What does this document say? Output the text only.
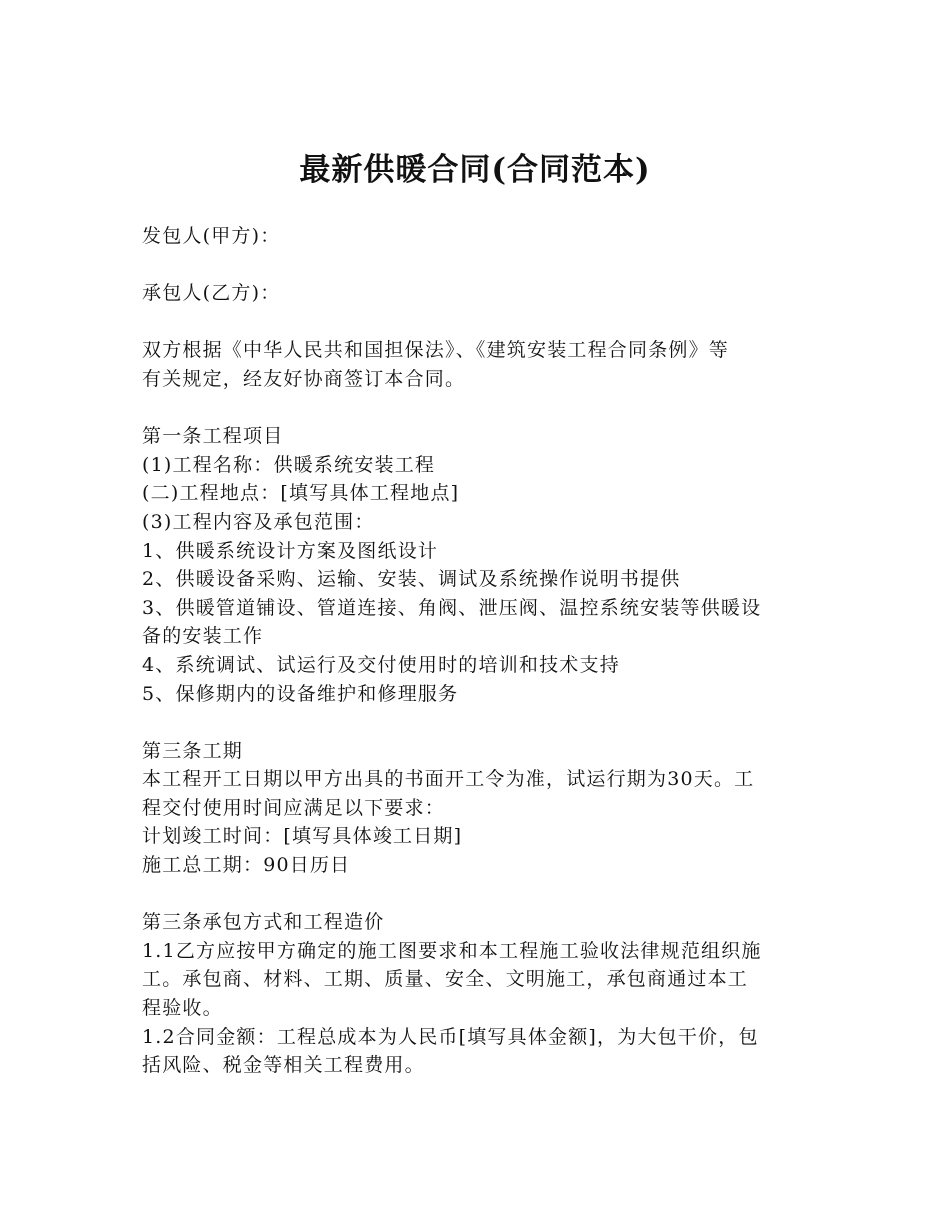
最新供暖合同(合同范本)
发包人(甲方)：
承包人(乙方)：
双方根据《中华人民共和国担保法》、《建筑安装工程合同条例》等
有关规定，经友好协商签订本合同。
第一条工程项目
(1)工程名称：供暖系统安装工程
(二)工程地点：[填写具体工程地点]
(3)工程内容及承包范围：
1、供暖系统设计方案及图纸设计
2、供暖设备采购、运输、安装、调试及系统操作说明书提供
3、供暖管道铺设、管道连接、角阀、泄压阀、温控系统安装等供暖设
备的安装工作
4、系统调试、试运行及交付使用时的培训和技术支持
5、保修期内的设备维护和修理服务
第三条工期
本工程开工日期以甲方出具的书面开工令为准，试运行期为30天。工
程交付使用时间应满足以下要求：
计划竣工时间：[填写具体竣工日期]
施工总工期：90日历日
第三条承包方式和工程造价
1.1乙方应按甲方确定的施工图要求和本工程施工验收法律规范组织施
工。承包商、材料、工期、质量、安全、文明施工，承包商通过本工
程验收。
1.2合同金额：工程总成本为人民币[填写具体金额]，为大包干价，包
括风险、税金等相关工程费用。
